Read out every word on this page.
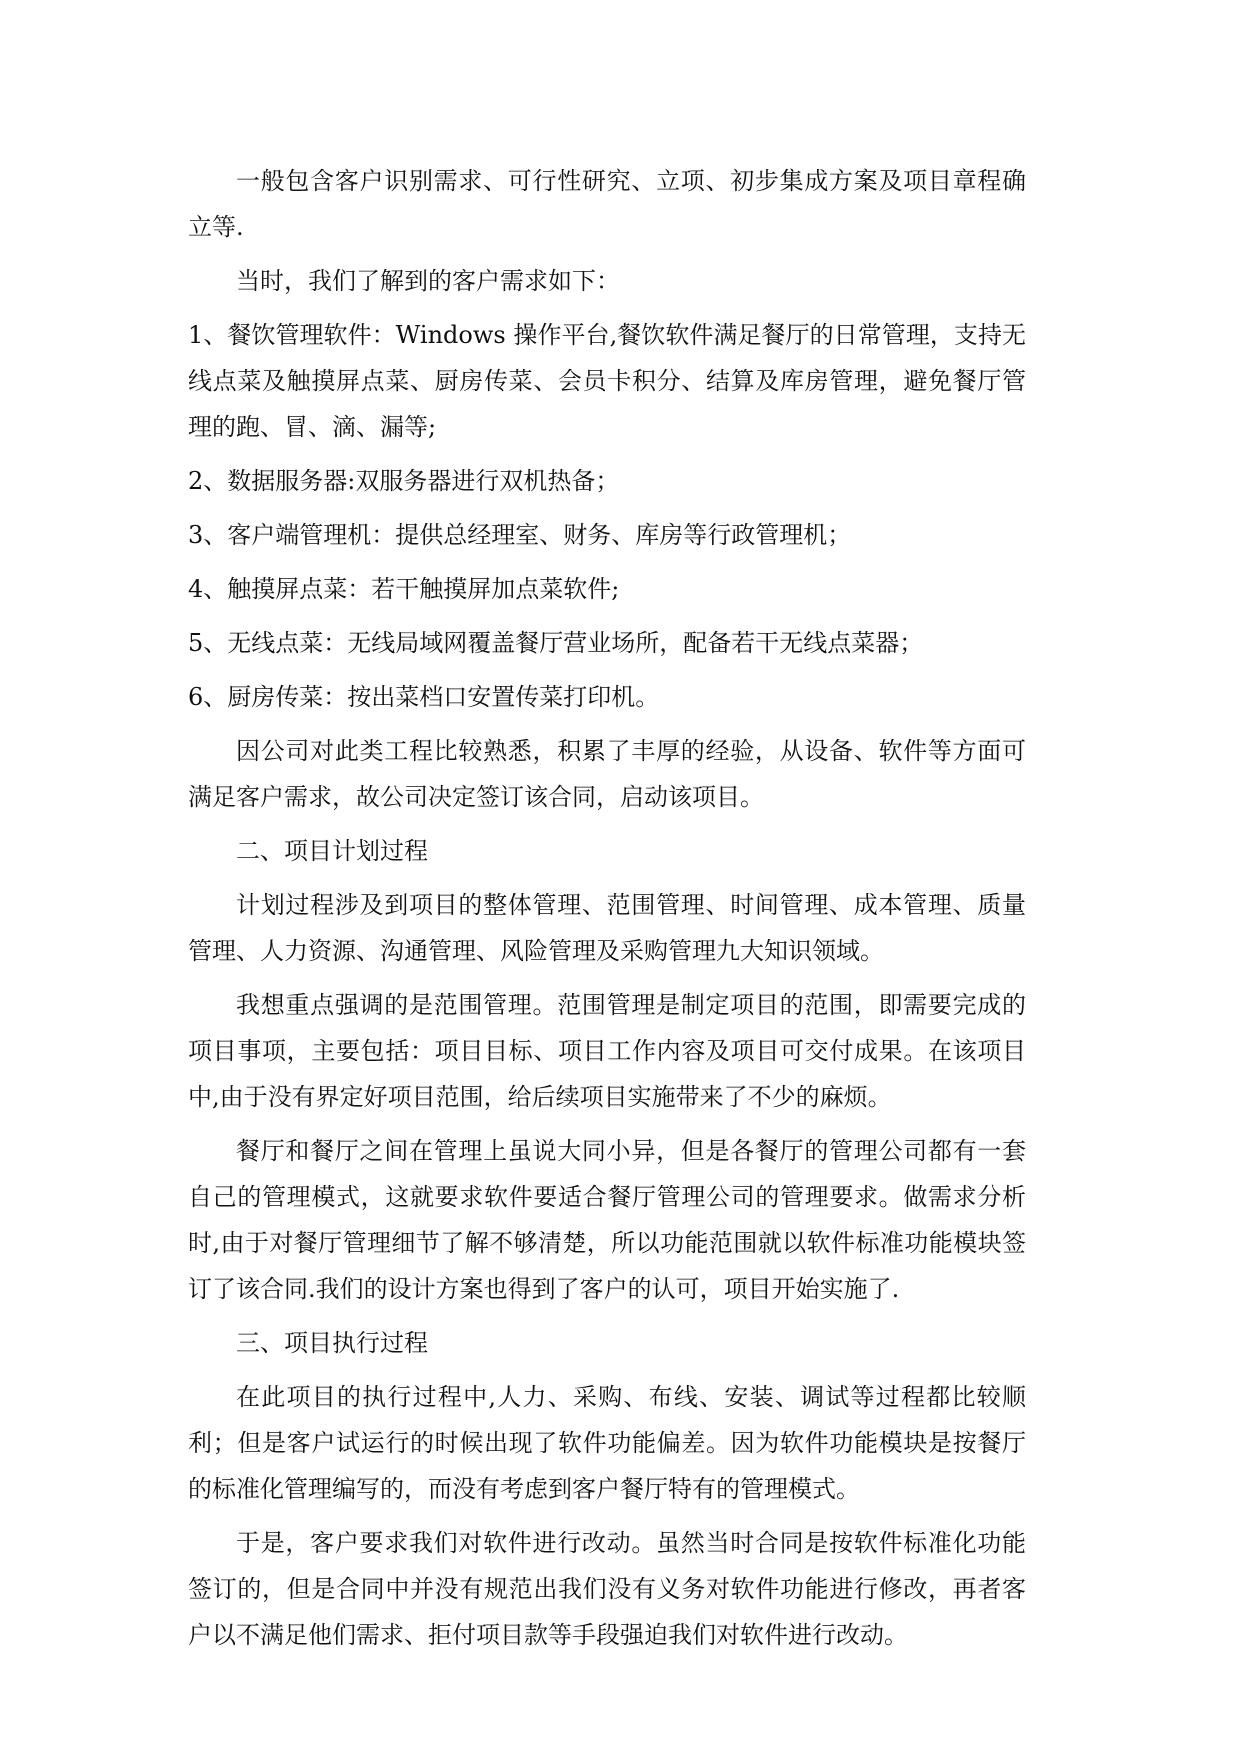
一般包含客户识别需求、可行性研究、立项、初步集成方案及项目章程确立等.

当时，我们了解到的客户需求如下：

1、餐饮管理软件：Windows 操作平台,餐饮软件满足餐厅的日常管理，支持无线点菜及触摸屏点菜、厨房传菜、会员卡积分、结算及库房管理，避免餐厅管理的跑、冒、滴、漏等;

2、数据服务器:双服务器进行双机热备；

3、客户端管理机：提供总经理室、财务、库房等行政管理机；

4、触摸屏点菜：若干触摸屏加点菜软件;

5、无线点菜：无线局域网覆盖餐厅营业场所，配备若干无线点菜器；

6、厨房传菜：按出菜档口安置传菜打印机。

因公司对此类工程比较熟悉，积累了丰厚的经验，从设备、软件等方面可满足客户需求，故公司决定签订该合同，启动该项目。

二、项目计划过程

计划过程涉及到项目的整体管理、范围管理、时间管理、成本管理、质量管理、人力资源、沟通管理、风险管理及采购管理九大知识领域。

我想重点强调的是范围管理。范围管理是制定项目的范围，即需要完成的项目事项，主要包括：项目目标、项目工作内容及项目可交付成果。在该项目中,由于没有界定好项目范围，给后续项目实施带来了不少的麻烦。

餐厅和餐厅之间在管理上虽说大同小异，但是各餐厅的管理公司都有一套自己的管理模式，这就要求软件要适合餐厅管理公司的管理要求。做需求分析时,由于对餐厅管理细节了解不够清楚，所以功能范围就以软件标准功能模块签订了该合同.我们的设计方案也得到了客户的认可，项目开始实施了.

三、项目执行过程

在此项目的执行过程中,人力、采购、布线、安装、调试等过程都比较顺利；但是客户试运行的时候出现了软件功能偏差。因为软件功能模块是按餐厅的标准化管理编写的，而没有考虑到客户餐厅特有的管理模式。

于是，客户要求我们对软件进行改动。虽然当时合同是按软件标准化功能签订的，但是合同中并没有规范出我们没有义务对软件功能进行修改，再者客户以不满足他们需求、拒付项目款等手段强迫我们对软件进行改动。
